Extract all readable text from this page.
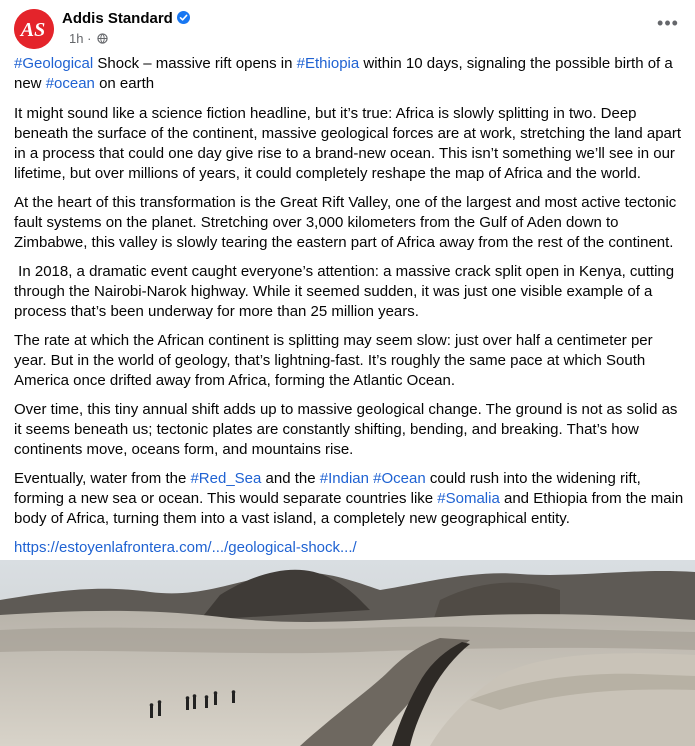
AS
Addis Standard
1h ·
•••

#Geological Shock – massive rift opens in #Ethiopia within 10 days, signaling the possible birth of a new #ocean on earth

It might sound like a science fiction headline, but it’s true: Africa is slowly splitting in two. Deep beneath the surface of the continent, massive geological forces are at work, stretching the land apart in a process that could one day give rise to a brand-new ocean. This isn’t something we’ll see in our lifetime, but over millions of years, it could completely reshape the map of Africa and the world.

At the heart of this transformation is the Great Rift Valley, one of the largest and most active tectonic fault systems on the planet. Stretching over 3,000 kilometers from the Gulf of Aden down to Zimbabwe, this valley is slowly tearing the eastern part of Africa away from the rest of the continent.

In 2018, a dramatic event caught everyone’s attention: a massive crack split open in Kenya, cutting through the Nairobi-Narok highway. While it seemed sudden, it was just one visible example of a process that’s been underway for more than 25 million years.

The rate at which the African continent is splitting may seem slow: just over half a centimeter per year. But in the world of geology, that’s lightning-fast. It’s roughly the same pace at which South America once drifted away from Africa, forming the Atlantic Ocean.

Over time, this tiny annual shift adds up to massive geological change. The ground is not as solid as it seems beneath us; tectonic plates are constantly shifting, bending, and breaking. That’s how continents move, oceans form, and mountains rise.

Eventually, water from the #Red_Sea and the #Indian #Ocean could rush into the widening rift, forming a new sea or ocean. This would separate countries like #Somalia and Ethiopia from the main body of Africa, turning them into a vast island, a completely new geographical entity.

https://estoyenlafrontera.com/.../geological-shock.../
